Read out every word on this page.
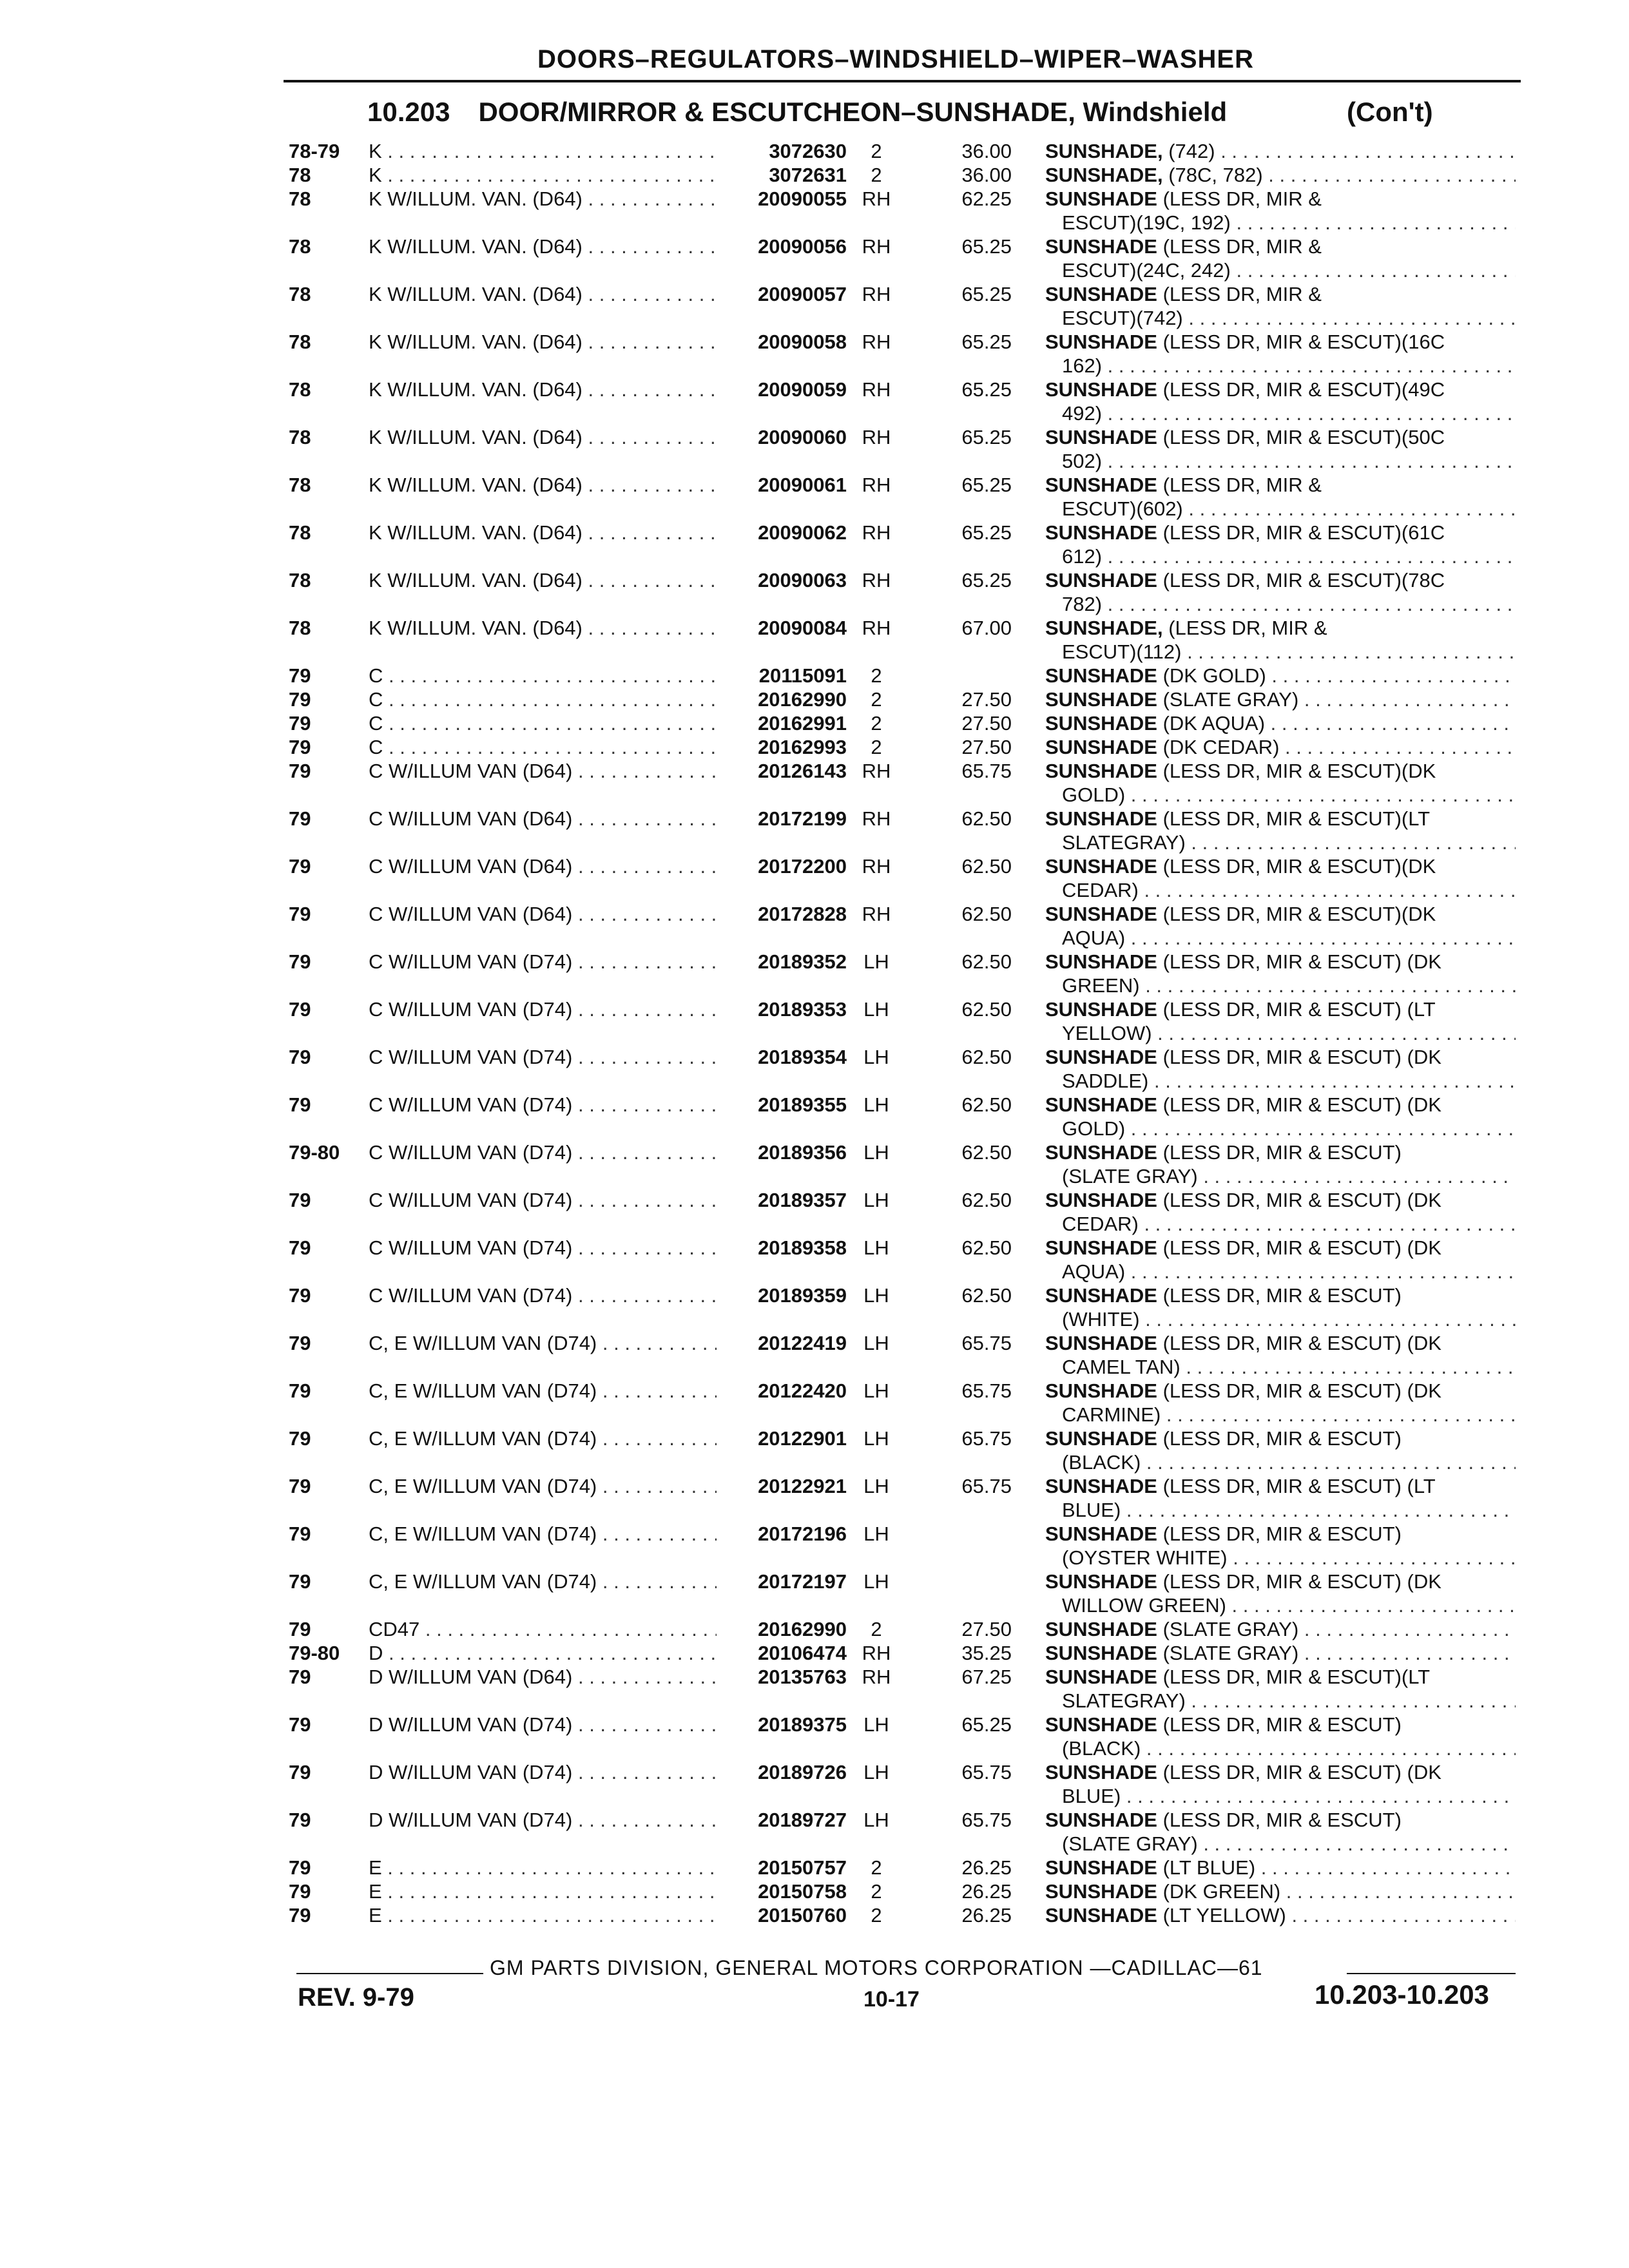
DOORS–REGULATORS–WINDSHIELD–WIPER–WASHER
10.203 DOOR/MIRROR & ESCUTCHEON–SUNSHADE, Windshield	(Con't)
78-79 K . . .	3072630	2	36.00 SUNSHADE, (742) . . .
78	K . . .	3072631	2	36.00 SUNSHADE, (78C, 782) . . .
78	K W/ILLUM. VAN. (D64) . . .	20090055 RH	62.25 SUNSHADE (LESS DR, MIR &
ESCUT)(19C, 192) . . .
78	K W/ILLUM. VAN. (D64) . . .	20090056 RH	65.25 SUNSHADE (LESS DR, MIR &
ESCUT)(24C, 242) . . .
78	K W/ILLUM. VAN. (D64) . . .	20090057 RH	65.25 SUNSHADE (LESS DR, MIR &
ESCUT)(742) . . .
78	K W/ILLUM. VAN. (D64) . . .	20090058 RH	65.25 SUNSHADE (LESS DR, MIR & ESCUT)(16C
162) . . .
78	K W/ILLUM. VAN. (D64) . . .	20090059 RH	65.25 SUNSHADE (LESS DR, MIR & ESCUT)(49C
492) . . .
78	K W/ILLUM. VAN. (D64) . . .	20090060 RH	65.25 SUNSHADE (LESS DR, MIR & ESCUT)(50C
502) . . .
78	K W/ILLUM. VAN. (D64) . . .	20090061 RH	65.25 SUNSHADE (LESS DR, MIR &
ESCUT)(602) . . .
78	K W/ILLUM. VAN. (D64) . . .	20090062 RH	65.25 SUNSHADE (LESS DR, MIR & ESCUT)(61C
612) . . .
78	K W/ILLUM. VAN. (D64) . . .	20090063 RH	65.25 SUNSHADE (LESS DR, MIR & ESCUT)(78C
782) . . .
78	K W/ILLUM. VAN. (D64) . . .	20090084 RH	67.00 SUNSHADE, (LESS DR, MIR &
ESCUT)(112) . . .
79	C . . .	20115091	2	SUNSHADE (DK GOLD) . . .
79	C . . .	20162990	2	27.50 SUNSHADE (SLATE GRAY) . . .
79	C . . .	20162991	2	27.50 SUNSHADE (DK AQUA) . . .
79	C . . .	20162993	2	27.50 SUNSHADE (DK CEDAR) . . .
79	C W/ILLUM VAN (D64) . . .	20126143 RH	65.75 SUNSHADE (LESS DR, MIR & ESCUT)(DK
GOLD) . . .
79	C W/ILLUM VAN (D64) . . .	20172199 RH	62.50 SUNSHADE (LESS DR, MIR & ESCUT)(LT
SLATEGRAY) . . .
79	C W/ILLUM VAN (D64) . . .	20172200 RH	62.50 SUNSHADE (LESS DR, MIR & ESCUT)(DK
CEDAR) . . .
79	C W/ILLUM VAN (D64) . . .	20172828 RH	62.50 SUNSHADE (LESS DR, MIR & ESCUT)(DK
AQUA) . . .
79	C W/ILLUM VAN (D74) . . .	20189352 LH	62.50 SUNSHADE (LESS DR, MIR & ESCUT) (DK
GREEN) . . .
79	C W/ILLUM VAN (D74) . . .	20189353 LH	62.50 SUNSHADE (LESS DR, MIR & ESCUT) (LT
YELLOW) . . .
79	C W/ILLUM VAN (D74) . . .	20189354 LH	62.50 SUNSHADE (LESS DR, MIR & ESCUT) (DK
SADDLE) . . .
79	C W/ILLUM VAN (D74) . . .	20189355 LH	62.50 SUNSHADE (LESS DR, MIR & ESCUT) (DK
GOLD) . . .
79-80 C W/ILLUM VAN (D74) . . .	20189356 LH	62.50 SUNSHADE (LESS DR, MIR & ESCUT)
(SLATE GRAY) . . .
79	C W/ILLUM VAN (D74) . . .	20189357 LH	62.50 SUNSHADE (LESS DR, MIR & ESCUT) (DK
CEDAR) . . .
79	C W/ILLUM VAN (D74) . . .	20189358 LH	62.50 SUNSHADE (LESS DR, MIR & ESCUT) (DK
AQUA) . . .
79	C W/ILLUM VAN (D74) . . .	20189359 LH	62.50 SUNSHADE (LESS DR, MIR & ESCUT)
(WHITE) . . .
79	C, E W/ILLUM VAN (D74) . . .	20122419 LH	65.75 SUNSHADE (LESS DR, MIR & ESCUT) (DK
CAMEL TAN) . . .
79	C, E W/ILLUM VAN (D74) . . .	20122420 LH	65.75 SUNSHADE (LESS DR, MIR & ESCUT) (DK
CARMINE) . . .
79	C, E W/ILLUM VAN (D74) . . .	20122901 LH	65.75 SUNSHADE (LESS DR, MIR & ESCUT)
(BLACK) . . .
79	C, E W/ILLUM VAN (D74) . . .	20122921 LH	65.75 SUNSHADE (LESS DR, MIR & ESCUT) (LT
BLUE) . . .
79	C, E W/ILLUM VAN (D74) . . .	20172196 LH	SUNSHADE (LESS DR, MIR & ESCUT)
(OYSTER WHITE) . . .
79	C, E W/ILLUM VAN (D74) . . .	20172197 LH	SUNSHADE (LESS DR, MIR & ESCUT) (DK
WILLOW GREEN) . . .
79	CD47 . . .	20162990	2	27.50 SUNSHADE (SLATE GRAY) . . .
79-80 D . . .	20106474 RH	35.25 SUNSHADE (SLATE GRAY) . . .
79	D W/ILLUM VAN (D64) . . .	20135763 RH	67.25 SUNSHADE (LESS DR, MIR & ESCUT)(LT
SLATEGRAY) . . .
79	D W/ILLUM VAN (D74) . . .	20189375 LH	65.25 SUNSHADE (LESS DR, MIR & ESCUT)
(BLACK) . . .
79	D W/ILLUM VAN (D74) . . .	20189726 LH	65.75 SUNSHADE (LESS DR, MIR & ESCUT) (DK
BLUE) . . .
79	D W/ILLUM VAN (D74) . . .	20189727 LH	65.75 SUNSHADE (LESS DR, MIR & ESCUT)
(SLATE GRAY) . . .
79	E . . .	20150757	2	26.25 SUNSHADE (LT BLUE) . . .
79	E . . .	20150758	2	26.25 SUNSHADE (DK GREEN) . . .
79	E . . .	20150760	2	26.25 SUNSHADE (LT YELLOW) . . .
GM PARTS DIVISION, GENERAL MOTORS CORPORATION —CADILLAC—61
REV. 9-79	10-17	10.203-10.203
